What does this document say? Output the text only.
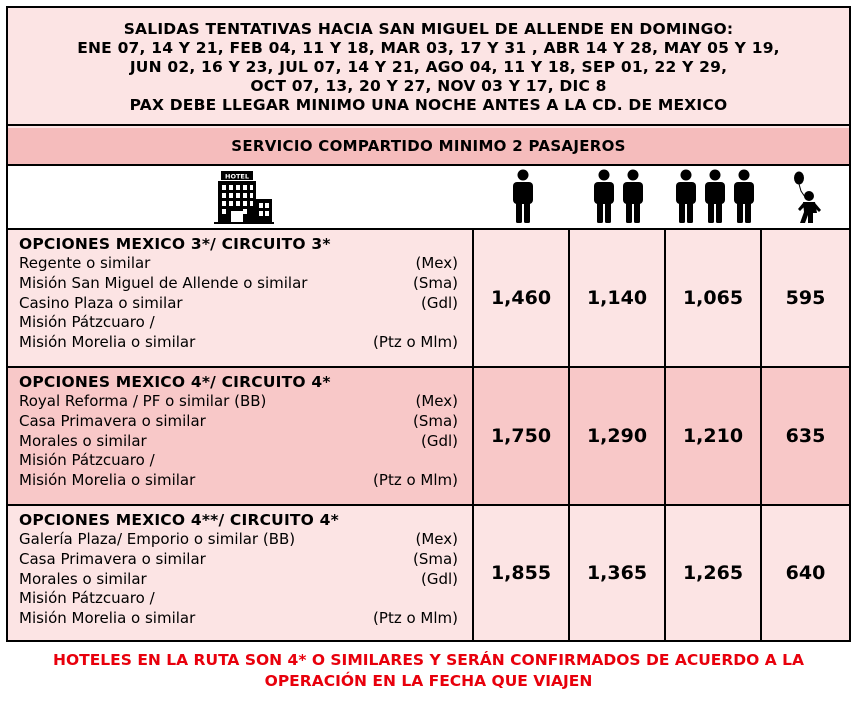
SALIDAS TENTATIVAS HACIA SAN MIGUEL DE ALLENDE EN DOMINGO:
ENE 07, 14 Y 21, FEB 04, 11 Y 18, MAR 03, 17 Y 31 , ABR 14 Y 28, MAY 05 Y 19,
JUN 02, 16 Y 23, JUL 07, 14 Y 21, AGO 04, 11 Y 18, SEP 01, 22 Y 29,
OCT 07, 13, 20 Y 27, NOV 03 Y 17, DIC 8
PAX DEBE LLEGAR MINIMO UNA NOCHE ANTES A LA CD. DE MEXICO
SERVICIO COMPARTIDO MINIMO 2 PASAJEROS
HOTEL
OPCIONES MEXICO 3*/ CIRCUITO 3*
Regente o similar	(Mex)
Misión San Miguel de Allende o similar	(Sma)
Casino Plaza o similar	(Gdl)
Misión Pátzcuaro /
Misión Morelia o similar	(Ptz o Mlm)
1,460	1,140	1,065	595
OPCIONES MEXICO 4*/ CIRCUITO 4*
Royal Reforma / PF o similar (BB)	(Mex)
Casa Primavera o similar	(Sma)
Morales o similar	(Gdl)
Misión Pátzcuaro /
Misión Morelia o similar	(Ptz o Mlm)
1,750	1,290	1,210	635
OPCIONES MEXICO 4**/ CIRCUITO 4*
Galería Plaza/ Emporio o similar (BB)	(Mex)
Casa Primavera o similar	(Sma)
Morales o similar	(Gdl)
Misión Pátzcuaro /
Misión Morelia o similar	(Ptz o Mlm)
1,855	1,365	1,265	640
HOTELES EN LA RUTA SON 4* O SIMILARES Y SERÁN CONFIRMADOS DE ACUERDO A LA
OPERACIÓN EN LA FECHA QUE VIAJEN
